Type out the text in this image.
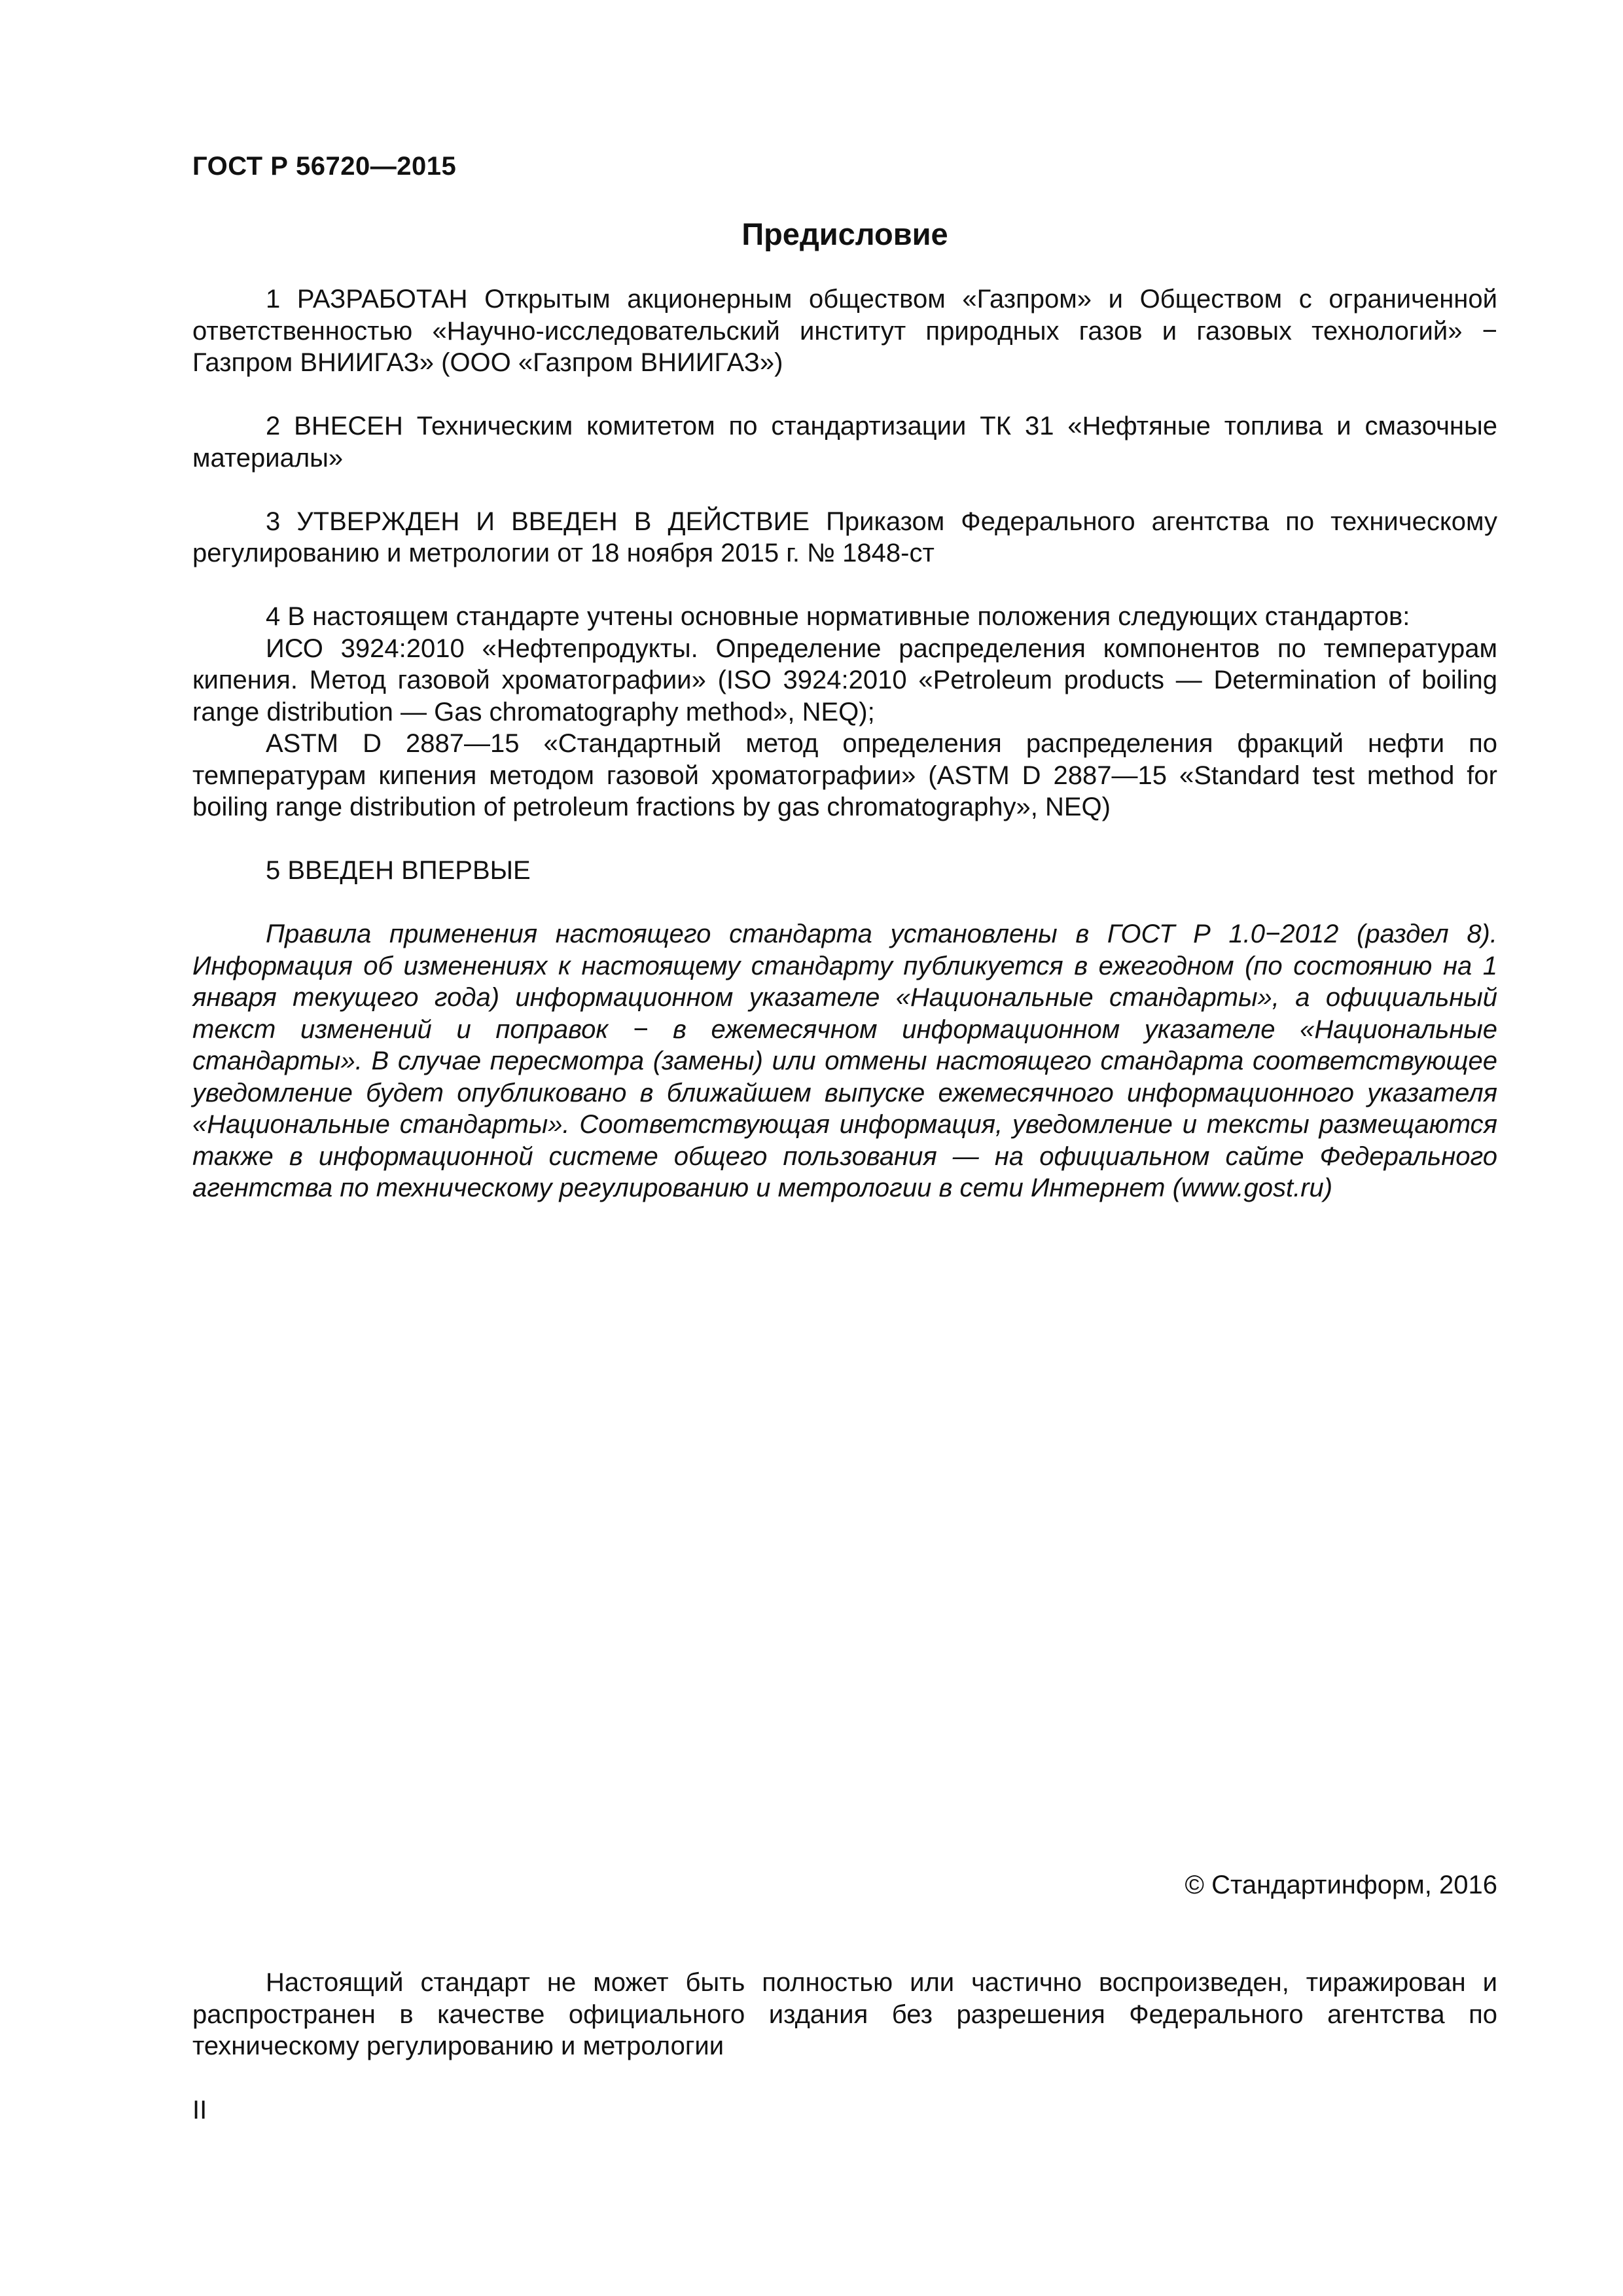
ГОСТ Р 56720—2015
Предисловие

1 РАЗРАБОТАН Открытым акционерным обществом «Газпром» и Обществом с ограниченной ответственностью «Научно-исследовательский институт природных газов и газовых технологий» − Газпром ВНИИГАЗ» (ООО «Газпром ВНИИГАЗ»)

2 ВНЕСЕН Техническим комитетом по стандартизации ТК 31 «Нефтяные топлива и смазочные материалы»

3 УТВЕРЖДЕН И ВВЕДЕН В ДЕЙСТВИЕ Приказом Федерального агентства по техническому регулированию и метрологии от 18 ноября 2015 г. № 1848-ст

4 В настоящем стандарте учтены основные нормативные положения следующих стандартов:

ИСО 3924:2010 «Нефтепродукты. Определение распределения компонентов по температурам кипения. Метод газовой хроматографии» (ISO 3924:2010 «Petroleum products — Determination of boiling range distribution — Gas chromatography method», NEQ);

ASTM D 2887—15 «Стандартный метод определения распределения фракций нефти по температурам кипения методом газовой хроматографии» (ASTM D 2887—15 «Standard test method for boiling range distribution of petroleum fractions by gas chromatography», NEQ)

5 ВВЕДЕН ВПЕРВЫЕ

Правила применения настоящего стандарта установлены в ГОСТ Р 1.0−2012 (раздел 8). Информация об изменениях к настоящему стандарту публикуется в ежегодном (по состоянию на 1 января текущего года) информационном указателе «Национальные стандарты», а официальный текст изменений и поправок − в ежемесячном информационном указателе «Национальные стандарты». В случае пересмотра (замены) или отмены настоящего стандарта соответствующее уведомление будет опубликовано в ближайшем выпуске ежемесячного информационного указателя «Национальные стандарты». Соответствующая информация, уведомление и тексты размещаются также в информационной системе общего пользования — на официальном сайте Федерального агентства по техническому регулированию и метрологии в сети Интернет (www.gost.ru)

© Стандартинформ, 2016

Настоящий стандарт не может быть полностью или частично воспроизведен, тиражирован и распространен в качестве официального издания без разрешения Федерального агентства по техническому регулированию и метрологии

II
